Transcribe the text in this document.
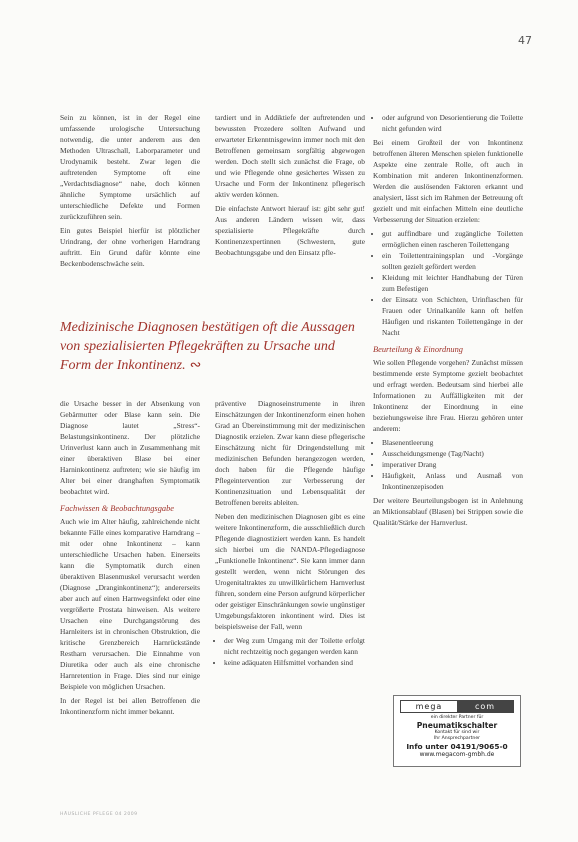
47

Sein zu können, ist in der Regel eine umfassende urologische Untersuchung notwendig, die unter anderem aus den Methoden Ultraschall, Laborparameter und Urodynamik besteht. Zwar legen die auftretenden Symptome oft eine „Verdachtsdiagnose“ nahe, doch können ähnliche Symptome ursächlich auf unterschiedliche Defekte und Formen zurückzuführen sein.

Ein gutes Beispiel hierfür ist plötzlicher Urindrang, der ohne vorherigen Harndrang auftritt. Ein Grund dafür könnte eine Beckenbodenschwäche sein.

tardiert und in Addiktiefe der auftretenden und bewussten Prozedere sollten Aufwand und erwarteter Erkenntnisgewinn immer noch mit den Betroffenen gemeinsam sorgfältig abgewogen werden. Doch stellt sich zunächst die Frage, ob und wie Pflegende ohne gesichertes Wissen zu Ursache und Form der Inkontinenz pflegerisch aktiv werden können.

Die einfachste Antwort hierauf ist: gibt sehr gut! Aus anderen Ländern wissen wir, dass spezialisierte Pflegekräfte durch Kontinenzexpertinnen (Schwestern, gute Beobachtungsgabe und den Einsatz pfle-

• oder aufgrund von Desorientierung die Toilette nicht gefunden wird

Bei einem Großteil der von Inkontinenz betroffenen älteren Menschen spielen funktionelle Aspekte eine zentrale Rolle, oft auch in Kombination mit anderen Inkontinenzformen. Werden die auslösenden Faktoren erkannt und analysiert, lässt sich im Rahmen der Betreuung oft gezielt und mit einfachen Mitteln eine deutliche Verbesserung der Situation erzielen:

• gut auffindbare und zugängliche Toiletten ermöglichen einen rascheren Toilettengang
• ein Toilettentrainingsplan und -Vorgänge sollten gezielt gefördert werden
• Kleidung mit leichter Handhabung der Türen zum Befestigen
• der Einsatz von Schichten, Urinflaschen für Frauen oder Urinalkanüle kann oft helfen Häufigen und riskanten Toilettengänge in der Nacht
Beurteilung & Einordnung

Wie sollen Pflegende vorgehen? Zunächst müssen bestimmende erste Symptome gezielt beobachtet und erfragt werden. Bedeutsam sind hierbei alle Informationen zu Auffälligkeiten mit der Inkontinenz der Einordnung in eine beziehungsweise ihre Frau. Hierzu gehören unter anderem:

• Blasenentleerung
• Ausscheidungsmenge (Tag/Nacht)
• imperativer Drang
• Häufigkeit, Anlass und Ausmaß von Inkontinenzepisoden

Der weitere Beurteilungsbogen ist in Anlehnung an Miktionsablauf (Blasen) bei Strippen sowie die Qualität/Stärke der Harnverlust.

Medizinische Diagnosen bestätigen oft die Aussagen von spezialisierten Pflegekräften zu Ursache und Form der Inkontinenz. ∾

die Ursache besser in der Absenkung von Gebärmutter oder Blase kann sein. Die Diagnose lautet „Stress“-Belastungsinkontinenz. Der plötzliche Urinverlust kann auch in Zusammenhang mit einer überaktiven Blase bei einer Harninkontinenz auftreten; wie sie häufig im Alter bei einer dranghaften Symptomatik beobachtet wird.

Fachwissen & Beobachtungsgabe

Auch wie im Alter häufig, zahlreichende nicht bekannte Fälle eines komparative Harndrang – mit oder ohne Inkontinenz – kann unterschiedliche Ursachen haben. Einerseits kann die Symptomatik durch einen überaktiven Blasenmuskel verursacht werden (Diagnose „Dranginkontinenz“); andererseits aber auch auf einen Harnwegsinfekt oder eine vergrößerte Prostata hinweisen. Als weitere Ursachen eine Durchgangstörung des Harnleiters ist in chronischen Obstruktion, die kritische Grenzbereich Harnrückstände Restharn verursachen. Die Einnahme von Diuretika oder auch als eine chronische Harnretention in Frage. Dies sind nur einige Beispiele von möglichen Ursachen.

In der Regel ist bei allen Betroffenen die Inkontinenzform nicht immer bekannt.

präventive Diagnoseinstrumente in ihren Einschätzungen der Inkontinenzform einen hohen Grad an Übereinstimmung mit der medizinischen Diagnostik erzielen. Zwar kann diese pflegerische Einschätzung nicht für Dringendstellung mit medizinischen Befunden herangezogen werden, doch haben für die Pflegende häufige Pflegeintervention zur Verbesserung der Kontinenzsituation und Lebensqualität der Betroffenen bereits ableiten.

Neben den medizinischen Diagnosen gibt es eine weitere Inkontinenzform, die ausschließlich durch Pflegende diagnostiziert werden kann. Es handelt sich hierbei um die NANDA-Pflegediagnose „Funktionelle Inkontinenz“. Sie kann immer dann gestellt werden, wenn nicht Störungen des Urogenitaltraktes zu unwillkürlichem Harnverlust führen, sondern eine Person aufgrund körperlicher oder geistiger Einschränkungen sowie ungünstiger Umgebungsfaktoren inkontinent wird. Dies ist beispielsweise der Fall, wenn

• der Weg zum Umgang mit der Toilette erfolgt nicht rechtzeitig noch gegangen werden kann
• keine adäquaten Hilfsmittel vorhanden sind
mega	com
ein direkter Partner für
Pneumatikschalter
Kontakt für sind wir
Ihr Ansprechpartner
Info unter 04191/9065-0
www.megacom-gmbh.de
HÄUSLICHE PFLEGE 04 2009
